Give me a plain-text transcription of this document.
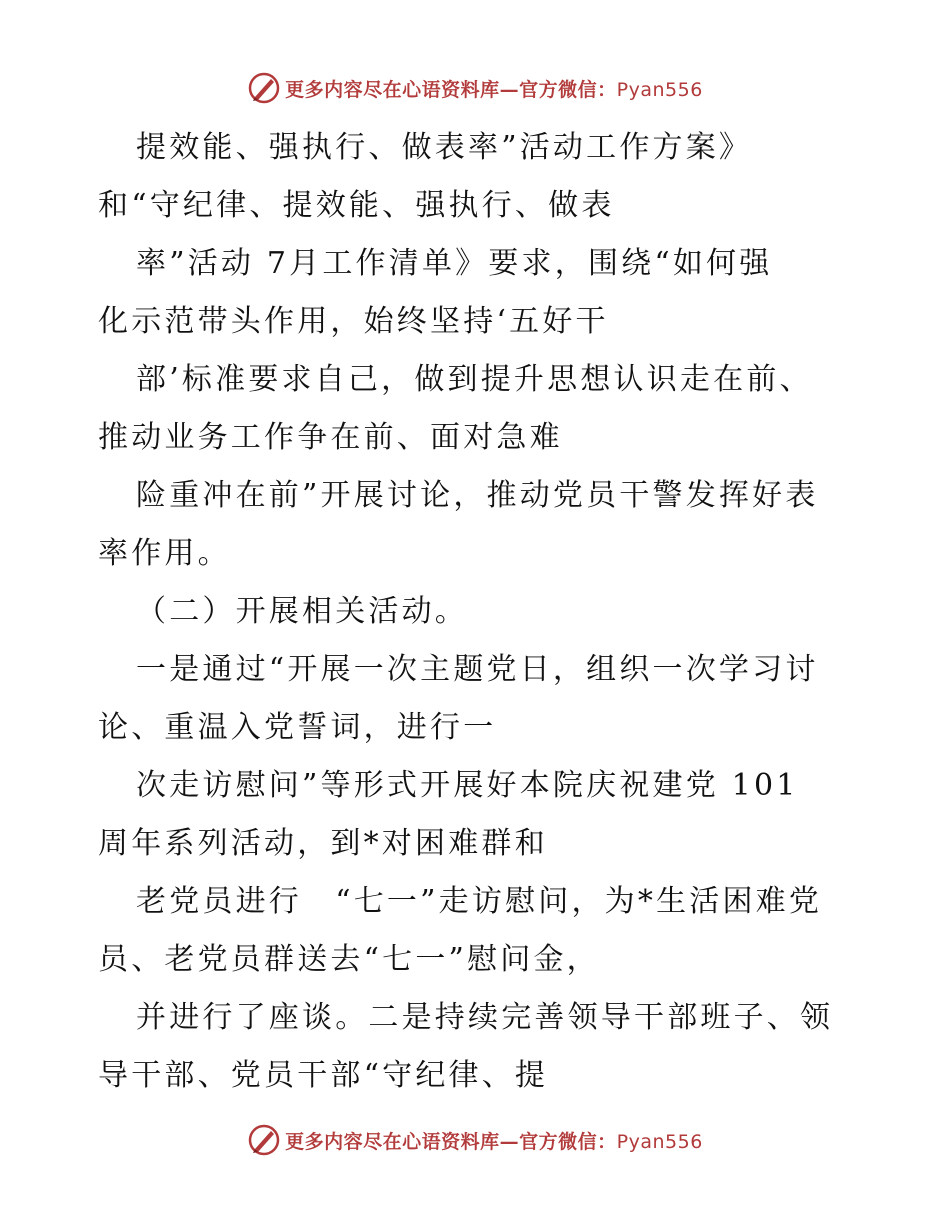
更多内容尽在心语资料库—官方微信：Pyan556
提效能、强执行、做表率”活动工作方案》
和“守纪律、提效能、强执行、做表
率”活动 7月工作清单》要求，围绕“如何强
化示范带头作用，始终坚持‘五好干
部’标准要求自己，做到提升思想认识走在前、
推动业务工作争在前、面对急难
险重冲在前”开展讨论，推动党员干警发挥好表
率作用。
（二）开展相关活动。
一是通过“开展一次主题党日，组织一次学习讨
论、重温入党誓词，进行一
次走访慰问”等形式开展好本院庆祝建党 101
周年系列活动，到*对困难群和
老党员进行　“七一”走访慰问，为*生活困难党
员、老党员群送去“七一”慰问金，
并进行了座谈。二是持续完善领导干部班子、领
导干部、党员干部“守纪律、提
更多内容尽在心语资料库—官方微信：Pyan556
